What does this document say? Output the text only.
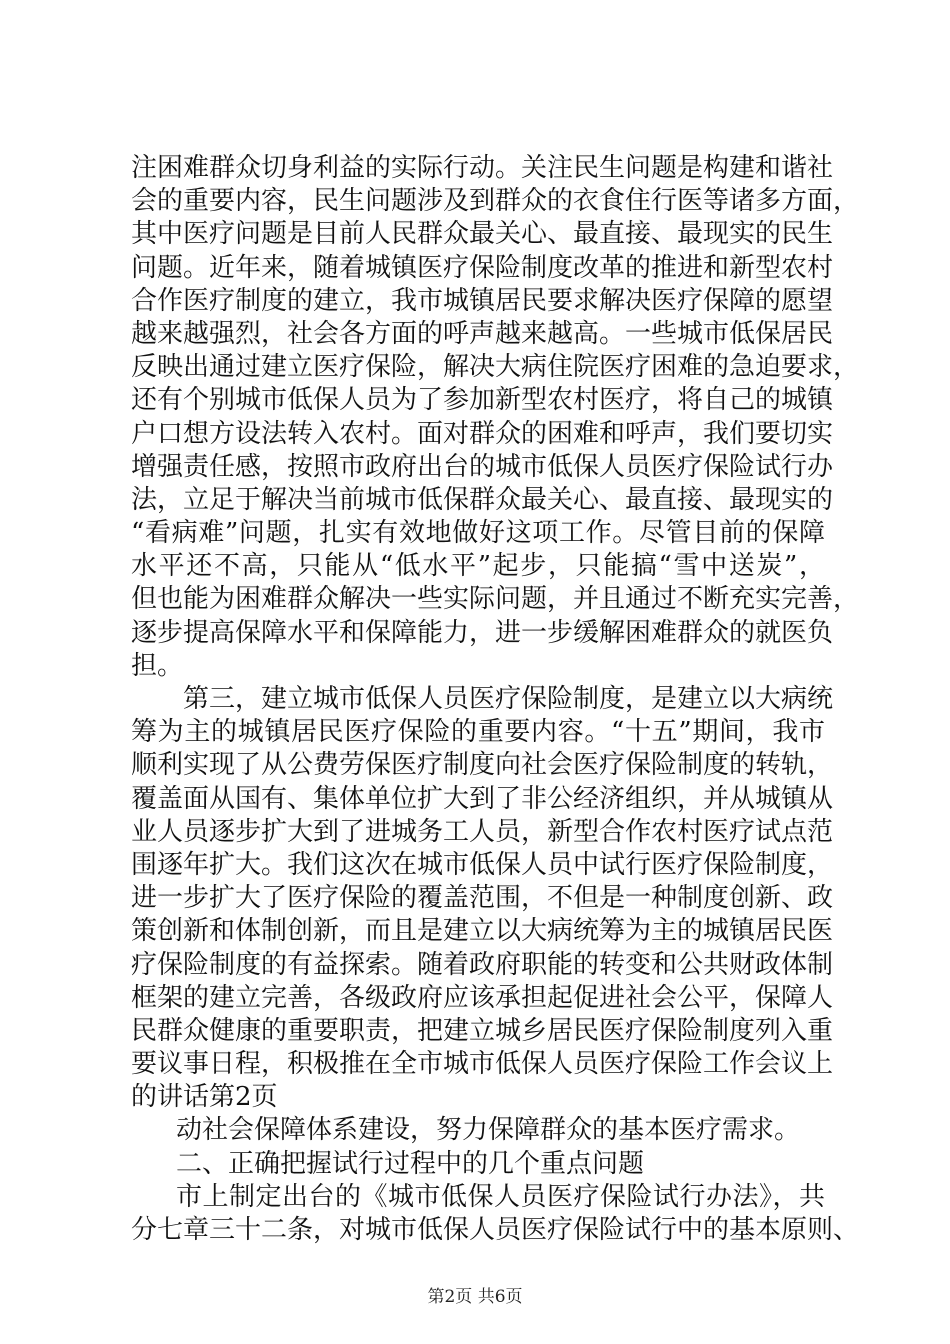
注困难群众切身利益的实际行动。关注民生问题是构建和谐社
会的重要内容，民生问题涉及到群众的衣食住行医等诸多方面，
其中医疗问题是目前人民群众最关心、最直接、最现实的民生
问题。近年来，随着城镇医疗保险制度改革的推进和新型农村
合作医疗制度的建立，我市城镇居民要求解决医疗保障的愿望
越来越强烈，社会各方面的呼声越来越高。一些城市低保居民
反映出通过建立医疗保险，解决大病住院医疗困难的急迫要求，
还有个别城市低保人员为了参加新型农村医疗，将自己的城镇
户口想方设法转入农村。面对群众的困难和呼声，我们要切实
增强责任感，按照市政府出台的城市低保人员医疗保险试行办
法，立足于解决当前城市低保群众最关心、最直接、最现实的
“看病难”问题，扎实有效地做好这项工作。尽管目前的保障
水平还不高，只能从“低水平”起步，只能搞“雪中送炭”，
但也能为困难群众解决一些实际问题，并且通过不断充实完善，
逐步提高保障水平和保障能力，进一步缓解困难群众的就医负
担。
第三，建立城市低保人员医疗保险制度，是建立以大病统
筹为主的城镇居民医疗保险的重要内容。“十五”期间，我市
顺利实现了从公费劳保医疗制度向社会医疗保险制度的转轨，
覆盖面从国有、集体单位扩大到了非公经济组织，并从城镇从
业人员逐步扩大到了进城务工人员，新型合作农村医疗试点范
围逐年扩大。我们这次在城市低保人员中试行医疗保险制度，
进一步扩大了医疗保险的覆盖范围，不但是一种制度创新、政
策创新和体制创新，而且是建立以大病统筹为主的城镇居民医
疗保险制度的有益探索。随着政府职能的转变和公共财政体制
框架的建立完善，各级政府应该承担起促进社会公平，保障人
民群众健康的重要职责，把建立城乡居民医疗保险制度列入重
要议事日程，积极推在全市城市低保人员医疗保险工作会议上
的讲话第2页
动社会保障体系建设，努力保障群众的基本医疗需求。
二、正确把握试行过程中的几个重点问题
市上制定出台的《城市低保人员医疗保险试行办法》，共
分七章三十二条，对城市低保人员医疗保险试行中的基本原则、
第2页 共6页
